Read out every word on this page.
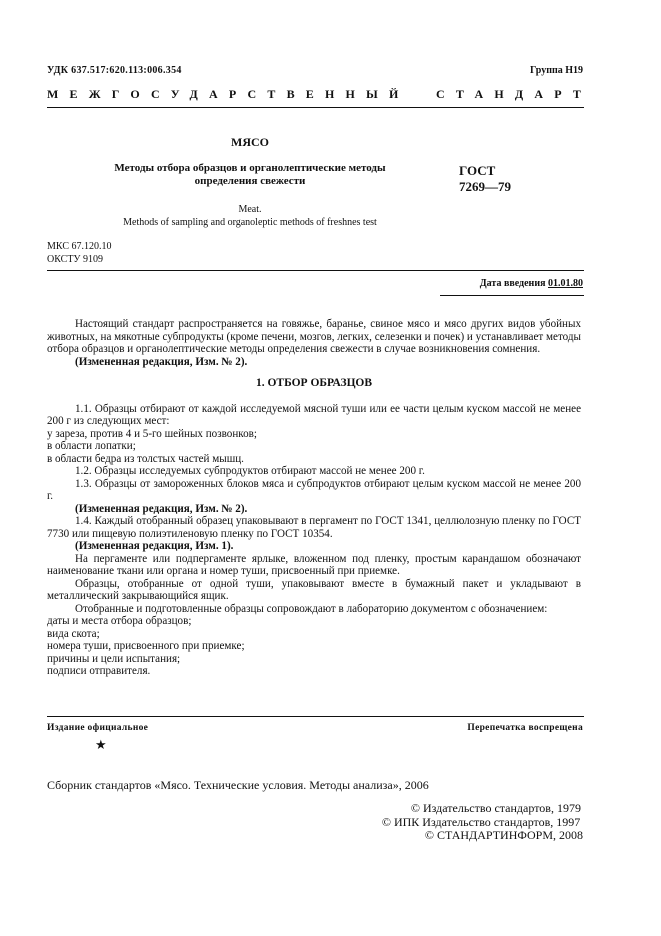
УДК 637.517:620.113:006.354	Группа Н19
МЕЖГОСУДАРСТВЕННЫЙ СТАНДАРТ
МЯСО
Методы отбора образцов и органолептические методы
определения свежести
ГОСТ
7269—79
Meat.
Methods of sampling and organoleptic methods of freshnes test
МКС 67.120.10
ОКСТУ 9109
Дата введения 01.01.80

Настоящий стандарт распространяется на говяжье, баранье, свиное мясо и мясо других видов убойных животных, на мякотные субпродукты (кроме печени, мозгов, легких, селезенки и почек) и устанавливает методы отбора образцов и органолептические методы определения свежести в случае возникновения сомнения.

(Измененная редакция, Изм. № 2).

1. ОТБОР ОБРАЗЦОВ

1.1. Образцы отбирают от каждой исследуемой мясной туши или ее части целым куском массой не менее 200 г из следующих мест:

у зареза, против 4 и 5-го шейных позвонков;

в области лопатки;

в области бедра из толстых частей мышц.

1.2. Образцы исследуемых субпродуктов отбирают массой не менее 200 г.

1.3. Образцы от замороженных блоков мяса и субпродуктов отбирают целым куском массой не менее 200 г.

(Измененная редакция, Изм. № 2).

1.4. Каждый отобранный образец упаковывают в пергамент по ГОСТ 1341, целлюлозную пленку по ГОСТ 7730 или пищевую полиэтиленовую пленку по ГОСТ 10354.

(Измененная редакция, Изм. 1).

На пергаменте или подпергаменте ярлыке, вложенном под пленку, простым карандашом обозначают наименование ткани или органа и номер туши, присвоенный при приемке.

Образцы, отобранные от одной туши, упаковывают вместе в бумажный пакет и укладывают в металлический закрывающийся ящик.

Отобранные и подготовленные образцы сопровождают в лабораторию документом с обозначением:

даты и места отбора образцов;

вида скота;

номера туши, присвоенного при приемке;

причины и цели испытания;

подписи отправителя.

Издание официальное	Перепечатка воспрещена
★
Сборник стандартов «Мясо. Технические условия. Методы анализа», 2006
© Издательство стандартов, 1979
© ИПК Издательство стандартов, 1997
© СТАНДАРТИНФОРМ, 2008
